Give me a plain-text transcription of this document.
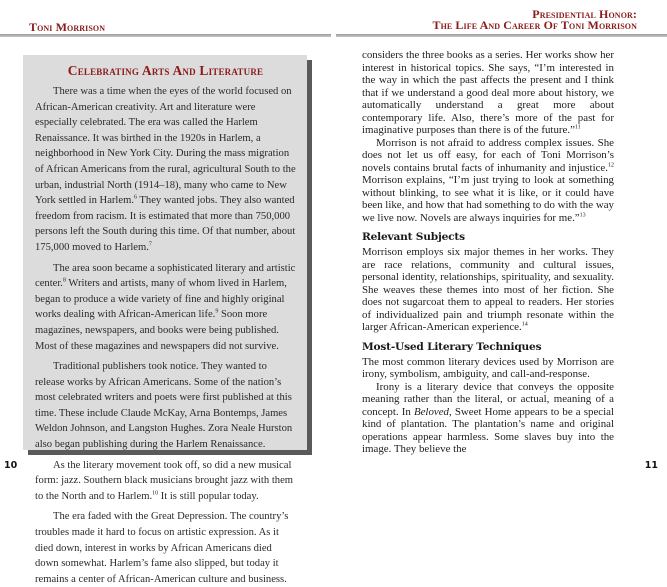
Toni Morrison
Celebrating Arts And Literature

There was a time when the eyes of the world focused on African-American creativity. Art and literature were especially celebrated. The era was called the Harlem Renaissance. It was birthed in the 1920s in Harlem, a neighborhood in New York City. During the mass migration of African Americans from the rural, agricultural South to the urban, industrial North (1914–18), many who came to New York settled in Harlem.$^6$ They wanted jobs. They also wanted freedom from racism. It is estimated that more than 750,000 persons left the South during this time. Of that number, about 175,000 moved to Harlem.$^7$

The area soon became a sophisticated literary and artistic center.$^8$ Writers and artists, many of whom lived in Harlem, began to produce a wide variety of fine and highly original works dealing with African-American life.$^9$ Soon more magazines, newspapers, and books were being published. Most of these magazines and newspapers did not survive.

Traditional publishers took notice. They wanted to release works by African Americans. Some of the nation’s most celebrated writers and poets were first published at this time. These include Claude McKay, Arna Bontemps, James Weldon Johnson, and Langston Hughes. Zora Neale Hurston also began publishing during the Harlem Renaissance.

As the literary movement took off, so did a new musical form: jazz. Southern black musicians brought jazz with them to the North and to Harlem.$^{10}$ It is still popular today.

The era faded with the Great Depression. The country’s troubles made it hard to focus on artistic expression. As it died down, interest in works by African Americans died down somewhat. Harlem’s fame also slipped, but today it remains a center of African-American culture and business.

10
Presidential Honor:
The Life And Career Of Toni Morrison

considers the three books as a series. Her works show her interest in historical topics. She says, “I’m interested in the way in which the past affects the present and I think that if we understand a good deal more about history, we automatically understand a great more about contemporary life. Also, there’s more of the past for imaginative purposes than there is of the future.”$^{11}$

Morrison is not afraid to address complex issues. She does not let us off easy, for each of Toni Morrison’s novels contains brutal facts of inhumanity and injustice.$^{12}$ Morrison explains, “I’m just trying to look at something without blinking, to see what it is like, or it could have been like, and how that had something to do with the way we live now. Novels are always inquiries for me.”$^{13}$

Relevant Subjects

Morrison employs six major themes in her works. They are race relations, community and cultural issues, personal identity, relationships, spirituality, and sexuality. She weaves these themes into most of her fiction. She does not sugarcoat them to appeal to readers. Her stories of individualized pain and triumph resonate within the larger African-American experience.$^{14}$

Most-Used Literary Techniques

The most common literary devices used by Morrison are irony, symbolism, ambiguity, and call-and-response.

Irony is a literary device that conveys the opposite meaning rather than the literal, or actual, meaning of a concept. In Beloved, Sweet Home appears to be a special kind of plantation. The plantation’s name and original operations appear harmless. Some slaves buy into the image. They believe the

11
